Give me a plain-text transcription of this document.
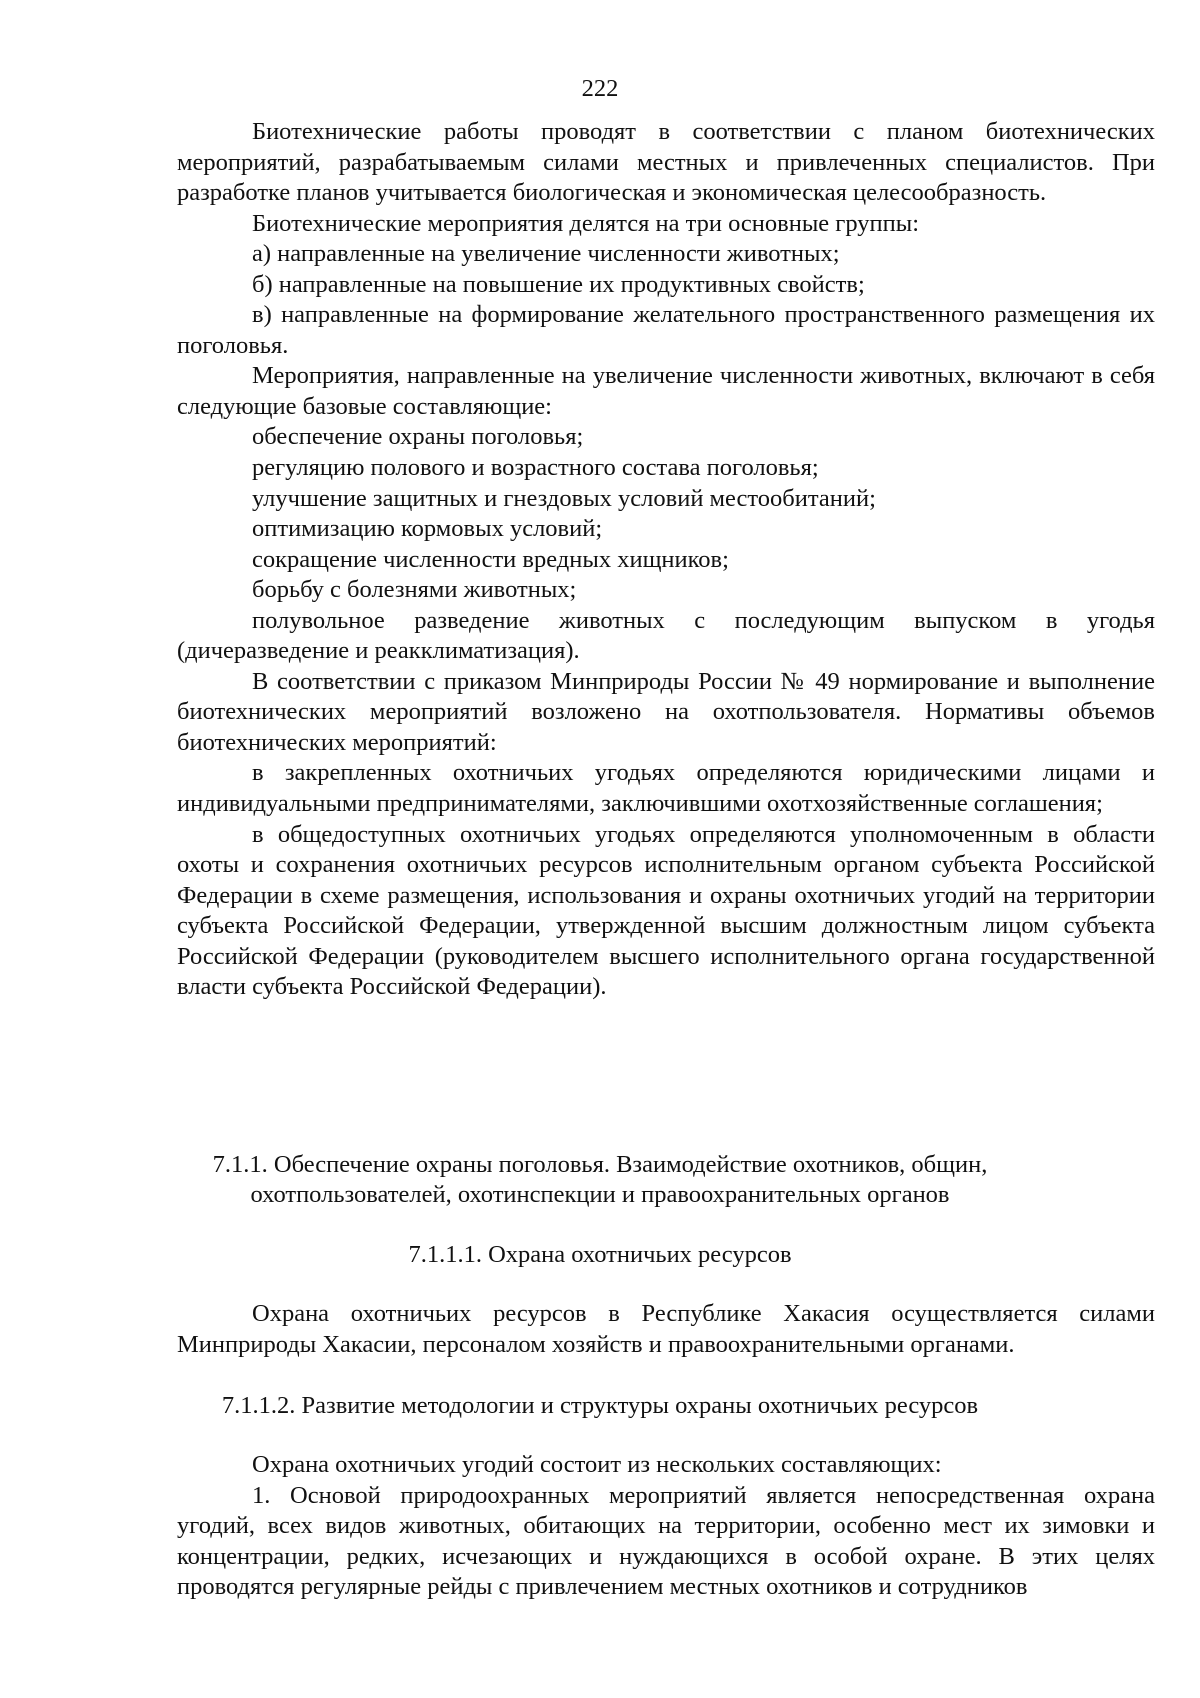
222

Биотехнические работы проводят в соответствии с планом биотехнических мероприятий, разрабатываемым силами местных и привлеченных специалистов. При разработке планов учитывается биологическая и экономическая целесообразность.

Биотехнические мероприятия делятся на три основные группы:

а) направленные на увеличение численности животных;

б) направленные на повышение их продуктивных свойств;

в) направленные на формирование желательного пространственного размещения их поголовья.

Мероприятия, направленные на увеличение численности животных, включают в себя следующие базовые составляющие:

обеспечение охраны поголовья;

регуляцию полового и возрастного состава поголовья;

улучшение защитных и гнездовых условий местообитаний;

оптимизацию кормовых условий;

сокращение численности вредных хищников;

борьбу с болезнями животных;

полувольное разведение животных с последующим выпуском в угодья (дичеразведение и реакклиматизация).

В соответствии с приказом Минприроды России № 49 нормирование и выполнение биотехнических мероприятий возложено на охотпользователя. Нормативы объемов биотехнических мероприятий:

в закрепленных охотничьих угодьях определяются юридическими лицами и индивидуальными предпринимателями, заключившими охотхозяйственные соглашения;

в общедоступных охотничьих угодьях определяются уполномоченным в области охоты и сохранения охотничьих ресурсов исполнительным органом субъекта Российской Федерации в схеме размещения, использования и охраны охотничьих угодий на территории субъекта Российской Федерации, утвержденной высшим должностным лицом субъекта Российской Федерации (руководителем высшего исполнительного органа государственной власти субъекта Российской Федерации).

7.1.1. Обеспечение охраны поголовья. Взаимодействие охотников, общин,

охотпользователей, охотинспекции и правоохранительных органов

7.1.1.1. Охрана охотничьих ресурсов

Охрана охотничьих ресурсов в Республике Хакасия осуществляется силами Минприроды Хакасии, персоналом хозяйств и правоохранительными органами.

7.1.1.2. Развитие методологии и структуры охраны охотничьих ресурсов

Охрана охотничьих угодий состоит из нескольких составляющих:

1. Основой природоохранных мероприятий является непосредственная охрана угодий, всех видов животных, обитающих на территории, особенно мест их зимовки и концентрации, редких, исчезающих и нуждающихся в особой охране. В этих целях проводятся регулярные рейды с привлечением местных охотников и сотрудников
